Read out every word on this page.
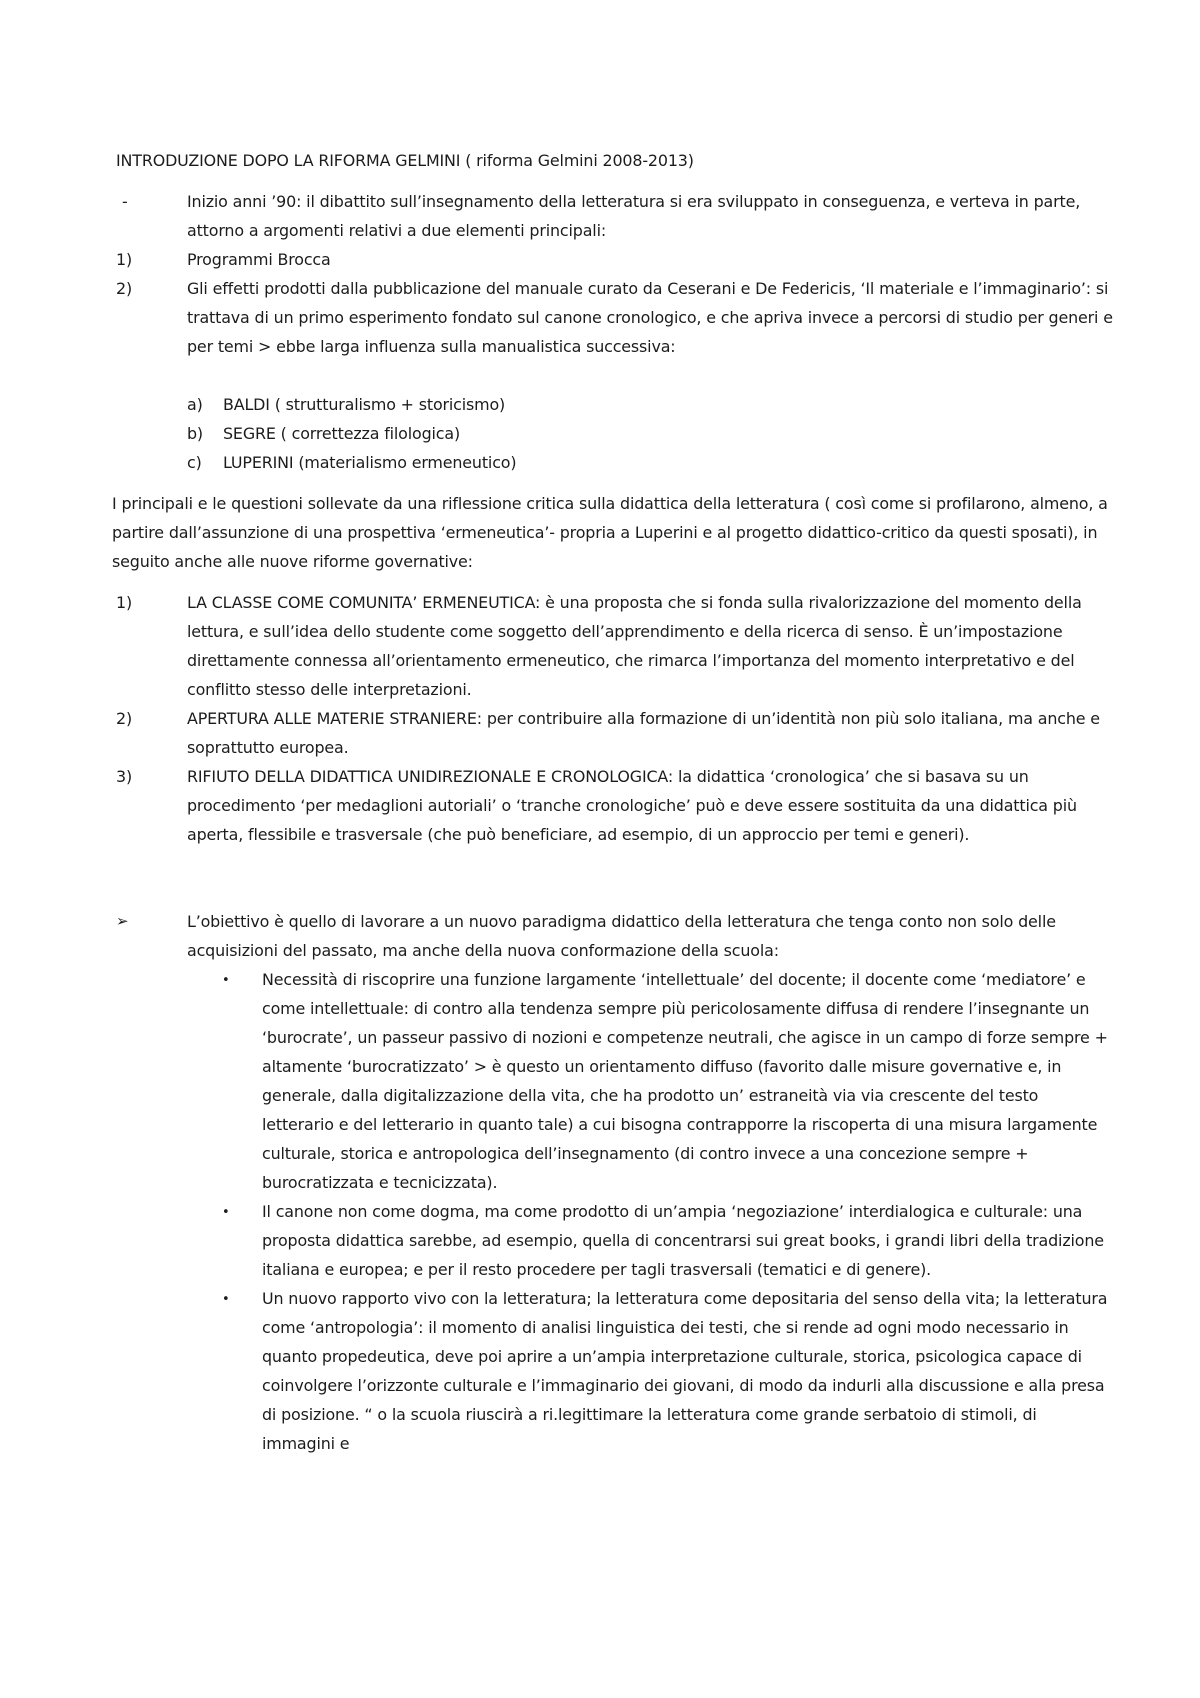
INTRODUZIONE DOPO LA RIFORMA GELMINI ( riforma Gelmini 2008-2013)
-	Inizio anni ’90: il dibattito sull’insegnamento della letteratura si era sviluppato in conseguenza, e verteva in parte, attorno a argomenti relativi a due elementi principali:
1)	Programmi Brocca
2)	Gli effetti prodotti dalla pubblicazione del manuale curato da Ceserani e De Federicis, ‘Il materiale e l’immaginario’: si trattava di un primo esperimento fondato sul canone cronologico, e che apriva invece a percorsi di studio per generi e per temi > ebbe larga influenza sulla manualistica successiva:
a) BALDI ( strutturalismo + storicismo)
b) SEGRE ( correttezza filologica)
c) LUPERINI (materialismo ermeneutico)
I principali e le questioni sollevate da una riflessione critica sulla didattica della letteratura ( così come si profilarono, almeno, a partire dall’assunzione di una prospettiva ‘ermeneutica’- propria a Luperini e al progetto didattico-critico da questi sposati), in seguito anche alle nuove riforme governative:
1)	LA CLASSE COME COMUNITA’ ERMENEUTICA: è una proposta che si fonda sulla rivalorizzazione del momento della lettura, e sull’idea dello studente come soggetto dell’apprendimento e della ricerca di senso. È un’impostazione direttamente connessa all’orientamento ermeneutico, che rimarca l’importanza del momento interpretativo e del conflitto stesso delle interpretazioni.
2)	APERTURA ALLE MATERIE STRANIERE: per contribuire alla formazione di un’identità non più solo italiana, ma anche e soprattutto europea.
3)	RIFIUTO DELLA DIDATTICA UNIDIREZIONALE E CRONOLOGICA: la didattica ‘cronologica’ che si basava su un procedimento ‘per medaglioni autoriali’ o ‘tranche cronologiche’ può e deve essere sostituita da una didattica più aperta, flessibile e trasversale (che può beneficiare, ad esempio, di un approccio per temi e generi).
➢	L’obiettivo è quello di lavorare a un nuovo paradigma didattico della letteratura che tenga conto non solo delle acquisizioni del passato, ma anche della nuova conformazione della scuola:
• Necessità di riscoprire una funzione largamente ‘intellettuale’ del docente; il docente come ‘mediatore’ e come intellettuale: di contro alla tendenza sempre più pericolosamente diffusa di rendere l’insegnante un ‘burocrate’, un passeur passivo di nozioni e competenze neutrali, che agisce in un campo di forze sempre + altamente ‘burocratizzato’ > è questo un orientamento diffuso (favorito dalle misure governative e, in generale, dalla digitalizzazione della vita, che ha prodotto un’ estraneità via via crescente del testo letterario e del letterario in quanto tale) a cui bisogna contrapporre la riscoperta di una misura largamente culturale, storica e antropologica dell’insegnamento (di contro invece a una concezione sempre + burocratizzata e tecnicizzata).
• Il canone non come dogma, ma come prodotto di un’ampia ‘negoziazione’ interdialogica e culturale: una proposta didattica sarebbe, ad esempio, quella di concentrarsi sui great books, i grandi libri della tradizione italiana e europea; e per il resto procedere per tagli trasversali (tematici e di genere).
• Un nuovo rapporto vivo con la letteratura; la letteratura come depositaria del senso della vita; la letteratura come ‘antropologia’: il momento di analisi linguistica dei testi, che si rende ad ogni modo necessario in quanto propedeutica, deve poi aprire a un’ampia interpretazione culturale, storica, psicologica capace di coinvolgere l’orizzonte culturale e l’immaginario dei giovani, di modo da indurli alla discussione e alla presa di posizione. “ o la scuola riuscirà a ri.legittimare la letteratura come grande serbatoio di stimoli, di immagini e
